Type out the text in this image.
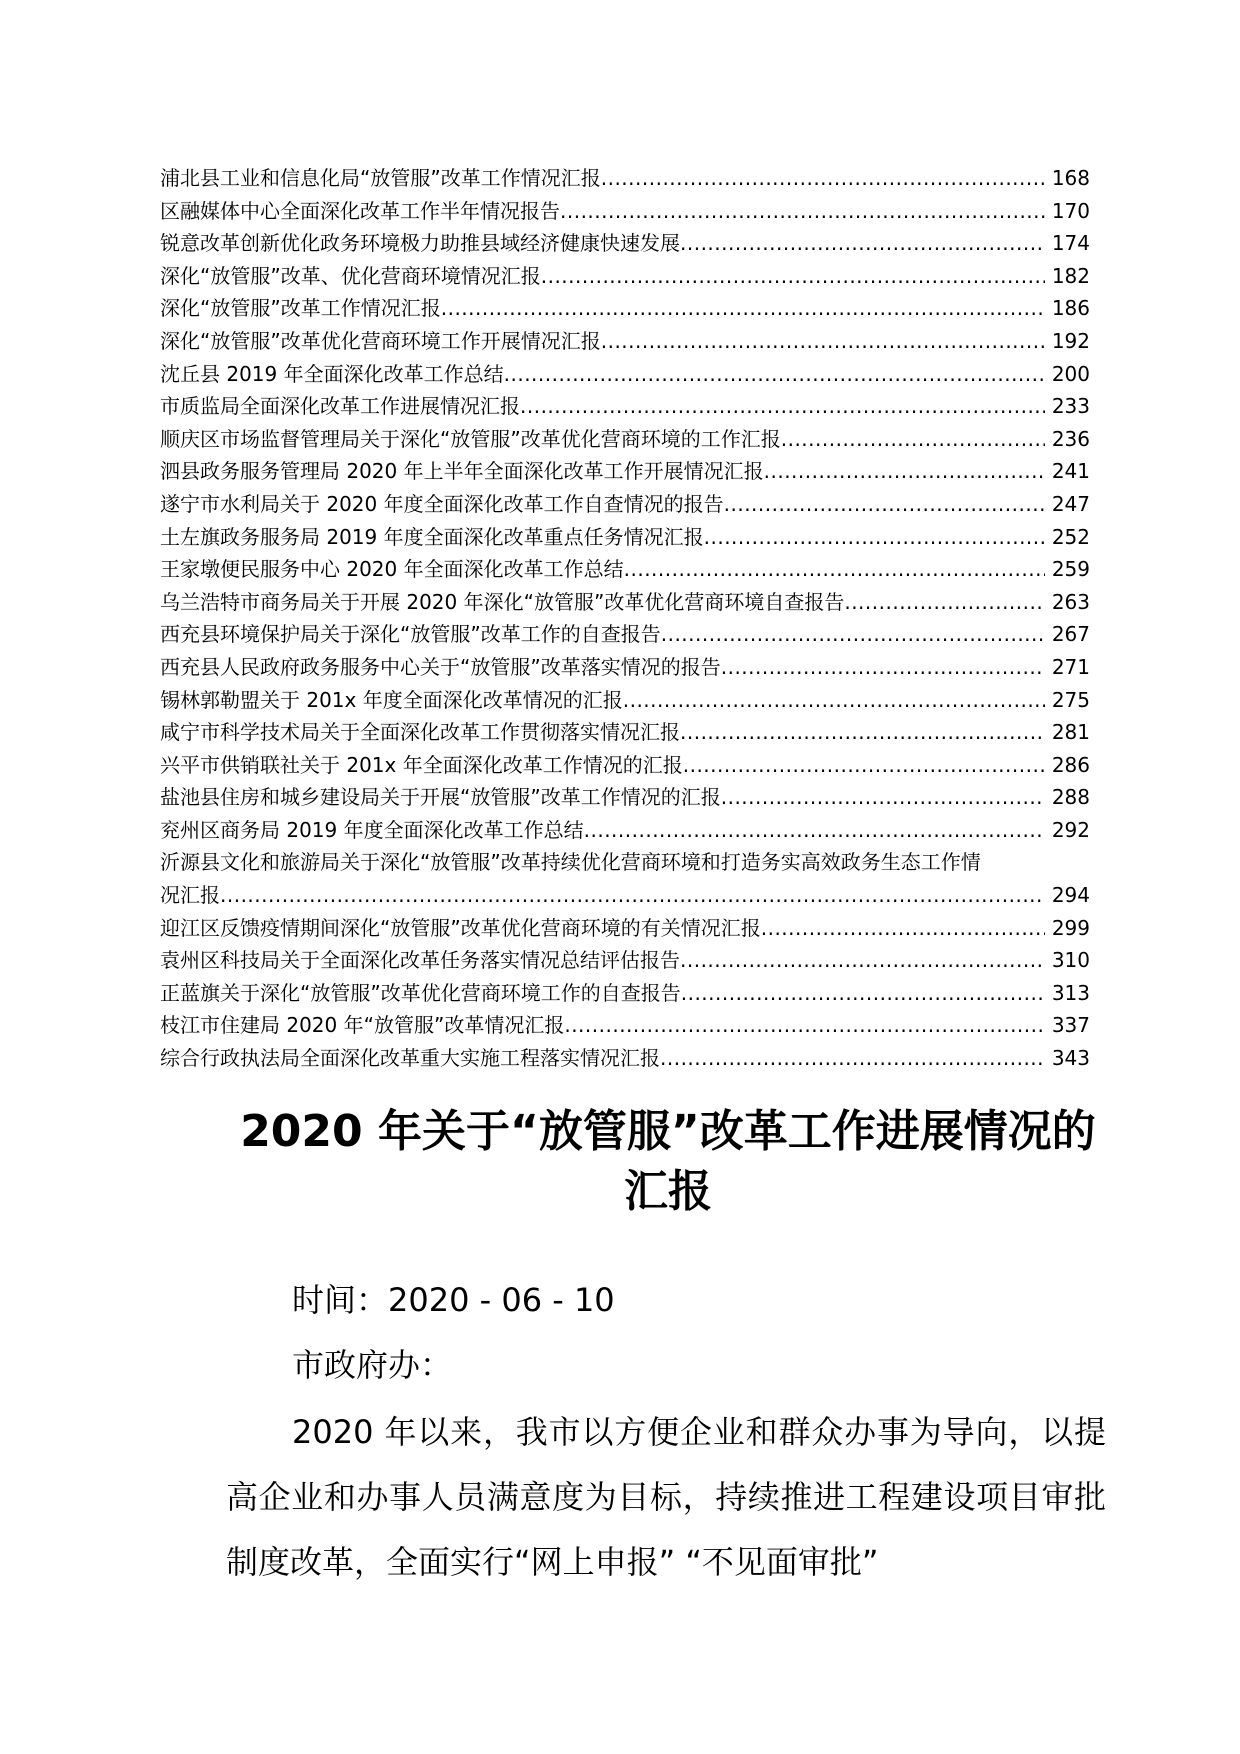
浦北县工业和信息化局“放管服”改革工作情况汇报 .....	168
区融媒体中心全面深化改革工作半年情况报告 .....	170
锐意改革创新优化政务环境极力助推县域经济健康快速发展 .....	174
深化“放管服”改革、优化营商环境情况汇报 .....	182
深化“放管服”改革工作情况汇报 .....	186
深化“放管服”改革优化营商环境工作开展情况汇报 .....	192
沈丘县 2019 年全面深化改革工作总结 .....	200
市质监局全面深化改革工作进展情况汇报 .....	233
顺庆区市场监督管理局关于深化“放管服”改革优化营商环境的工作汇报 .....	236
泗县政务服务管理局 2020 年上半年全面深化改革工作开展情况汇报 .....	241
遂宁市水利局关于 2020 年度全面深化改革工作自查情况的报告 .....	247
土左旗政务服务局 2019 年度全面深化改革重点任务情况汇报 .....	252
王家墩便民服务中心 2020 年全面深化改革工作总结 .....	259
乌兰浩特市商务局关于开展 2020 年深化“放管服”改革优化营商环境自查报告 .....	263
西充县环境保护局关于深化“放管服”改革工作的自查报告 .....	267
西充县人民政府政务服务中心关于“放管服”改革落实情况的报告 .....	271
锡林郭勒盟关于 201x 年度全面深化改革情况的汇报 .....	275
咸宁市科学技术局关于全面深化改革工作贯彻落实情况汇报 .....	281
兴平市供销联社关于 201x 年全面深化改革工作情况的汇报 .....	286
盐池县住房和城乡建设局关于开展“放管服”改革工作情况的汇报 .....	288
兖州区商务局 2019 年度全面深化改革工作总结 .....	292
沂源县文化和旅游局关于深化“放管服”改革持续优化营商环境和打造务实高效政务生态工作情
况汇报 .....	294
迎江区反馈疫情期间深化“放管服”改革优化营商环境的有关情况汇报 .....	299
袁州区科技局关于全面深化改革任务落实情况总结评估报告 .....	310
正蓝旗关于深化“放管服”改革优化营商环境工作的自查报告 .....	313
枝江市住建局 2020 年“放管服”改革情况汇报 .....	337
综合行政执法局全面深化改革重大实施工程落实情况汇报 .....	343
2020 年关于“放管服”改革工作进展情况的汇报
时间：2020 - 06 - 10
市政府办：

2020 年以来，我市以方便企业和群众办事为导向，以提高企业和办事人员满意度为目标，持续推进工程建设项目审批制度改革，全面实行“网上申报” “不见面审批”
